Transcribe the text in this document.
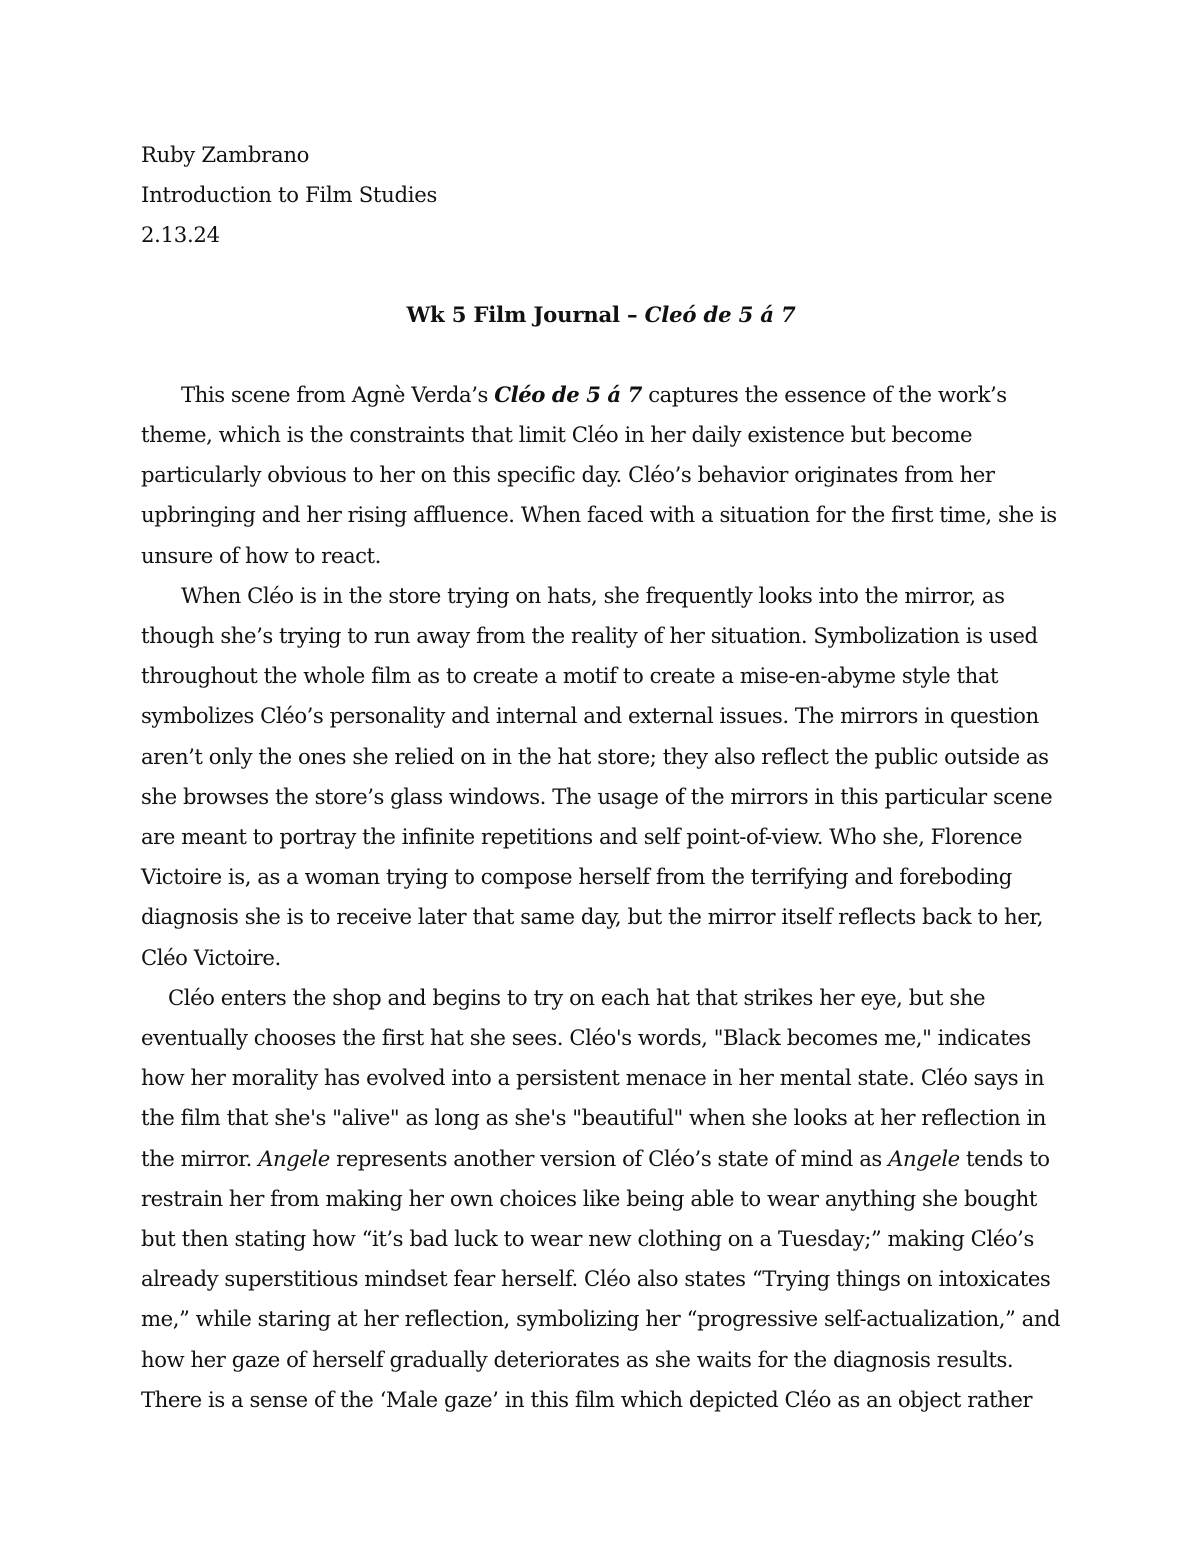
Ruby Zambrano
Introduction to Film Studies
2.13.24
Wk 5 Film Journal – Cleó de 5 á 7
This scene from Agnè Verda’s Cléo de 5 á 7 captures the essence of the work’s
theme, which is the constraints that limit Cléo in her daily existence but become
particularly obvious to her on this specific day. Cléo’s behavior originates from her
upbringing and her rising affluence. When faced with a situation for the first time, she is
unsure of how to react.
When Cléo is in the store trying on hats, she frequently looks into the mirror, as
though she’s trying to run away from the reality of her situation. Symbolization is used
throughout the whole film as to create a motif to create a mise-en-abyme style that
symbolizes Cléo’s personality and internal and external issues. The mirrors in question
aren’t only the ones she relied on in the hat store; they also reflect the public outside as
she browses the store’s glass windows. The usage of the mirrors in this particular scene
are meant to portray the infinite repetitions and self point-of-view. Who she, Florence
Victoire is, as a woman trying to compose herself from the terrifying and foreboding
diagnosis she is to receive later that same day, but the mirror itself reflects back to her,
Cléo Victoire.
Cléo enters the shop and begins to try on each hat that strikes her eye, but she
eventually chooses the first hat she sees. Cléo's words, "Black becomes me," indicates
how her morality has evolved into a persistent menace in her mental state. Cléo says in
the film that she's "alive" as long as she's "beautiful" when she looks at her reflection in
the mirror. Angele represents another version of Cléo’s state of mind as Angele tends to
restrain her from making her own choices like being able to wear anything she bought
but then stating how “it’s bad luck to wear new clothing on a Tuesday;” making Cléo’s
already superstitious mindset fear herself. Cléo also states “Trying things on intoxicates
me,” while staring at her reflection, symbolizing her “progressive self-actualization,” and
how her gaze of herself gradually deteriorates as she waits for the diagnosis results.
There is a sense of the ‘Male gaze’ in this film which depicted Cléo as an object rather
